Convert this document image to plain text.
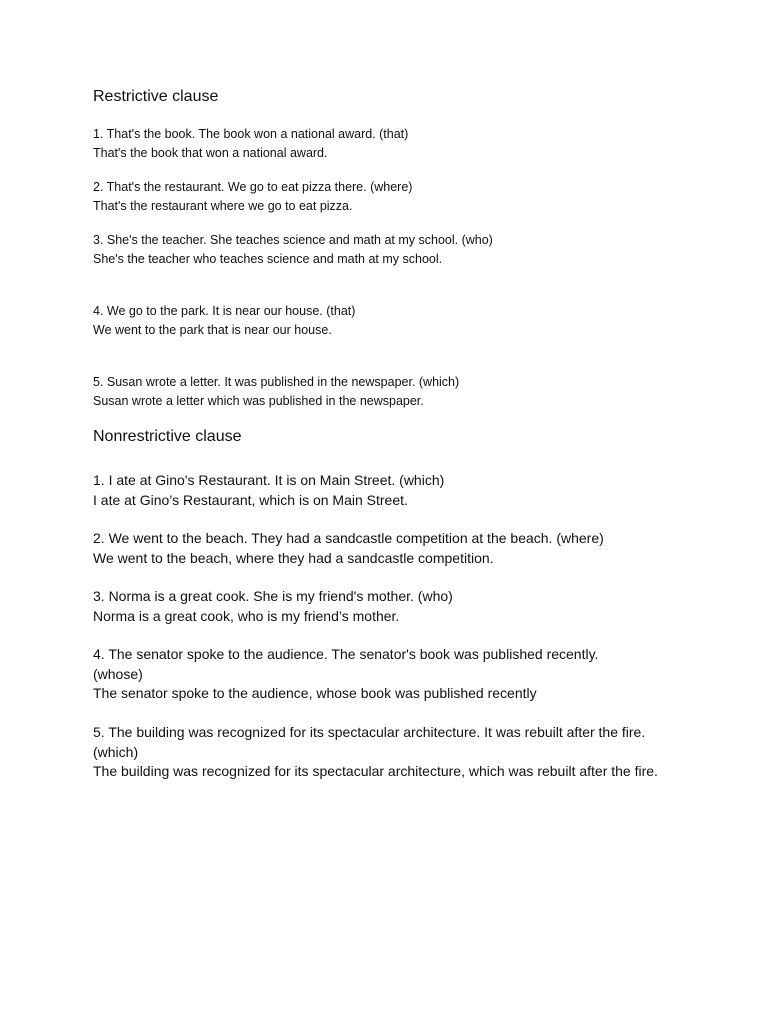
Restrictive clause
1. That's the book. The book won a national award. (that)
That's the book that won a national award.
2. That's the restaurant. We go to eat pizza there. (where)
That's the restaurant where we go to eat pizza.
3. She's the teacher. She teaches science and math at my school. (who)
She's the teacher who teaches science and math at my school.
4. We go to the park. It is near our house. (that)
We went to the park that is near our house.
5. Susan wrote a letter. It was published in the newspaper. (which)
Susan wrote a letter which was published in the newspaper.
Nonrestrictive clause
1. I ate at Gino's Restaurant. It is on Main Street. (which)
I ate at Gino’s Restaurant, which is on Main Street.
2. We went to the beach. They had a sandcastle competition at the beach. (where)
We went to the beach, where they had a sandcastle competition.
3. Norma is a great cook. She is my friend's mother. (who)
Norma is a great cook, who is my friend’s mother.
4. The senator spoke to the audience. The senator's book was published recently.
(whose)
The senator spoke to the audience, whose book was published recently
5. The building was recognized for its spectacular architecture. It was rebuilt after the fire.
(which)
The building was recognized for its spectacular architecture, which was rebuilt after the fire.
